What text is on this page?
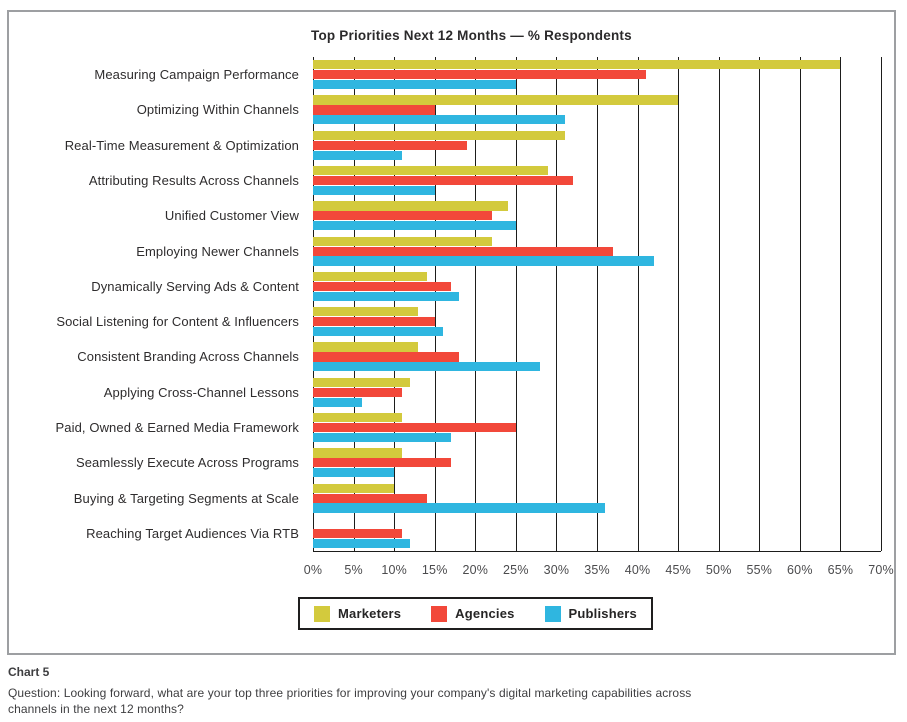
Top Priorities Next 12 Months — % Respondents
Measuring Campaign Performance
Optimizing Within Channels
Real-Time Measurement & Optimization
Attributing Results Across Channels
Unified Customer View
Employing Newer Channels
Dynamically Serving Ads & Content
Social Listening for Content & Influencers
Consistent Branding Across Channels
Applying Cross-Channel Lessons
Paid, Owned & Earned Media Framework
Seamlessly Execute Across Programs
Buying & Targeting Segments at Scale
Reaching Target Audiences Via RTB
0% 5% 10% 15% 20% 25% 30% 35% 40% 45% 50% 55% 60% 65% 70%
Marketers	Agencies	Publishers
Chart 5
Question: Looking forward, what are your top three priorities for improving your company's digital marketing capabilities across channels in the next 12 months?
